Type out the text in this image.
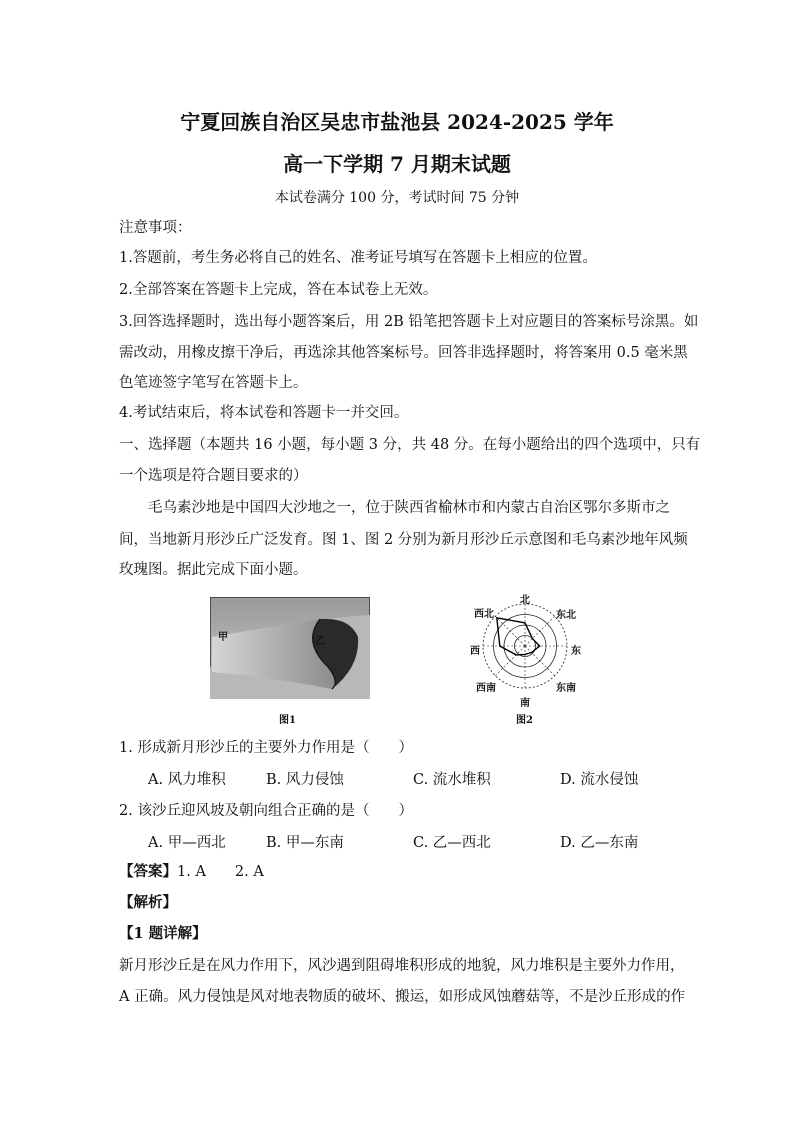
宁夏回族自治区吴忠市盐池县 2024-2025 学年
高一下学期 7 月期末试题
本试卷满分 100 分，考试时间 75 分钟
注意事项：
1.答题前，考生务必将自己的姓名、准考证号填写在答题卡上相应的位置。
2.全部答案在答题卡上完成，答在本试卷上无效。
3.回答选择题时，选出每小题答案后，用 2B 铅笔把答题卡上对应题目的答案标号涂黑。如
需改动，用橡皮擦干净后，再选涂其他答案标号。回答非选择题时，将答案用 0.5 毫米黑
色笔迹签字笔写在答题卡上。
4.考试结束后，将本试卷和答题卡一并交回。
一、选择题（本题共 16 小题，每小题 3 分，共 48 分。在每小题给出的四个选项中，只有
一个选项是符合题目要求的）
毛乌素沙地是中国四大沙地之一，位于陕西省榆林市和内蒙古自治区鄂尔多斯市之
间，当地新月形沙丘广泛发育。图 1、图 2 分别为新月形沙丘示意图和毛乌素沙地年风频
玫瑰图。据此完成下面小题。
甲	乙
图1
北
东北
东
东南
南
西南
西
西北
图2
1. 形成新月形沙丘的主要外力作用是（　　）
A. 风力堆积	B. 风力侵蚀	C. 流水堆积	D. 流水侵蚀
2. 该沙丘迎风坡及朝向组合正确的是（　　）
A. 甲—西北	B. 甲—东南	C. 乙—西北	D. 乙—东南
【答案】1. A　　2. A
【解析】
【1 题详解】
新月形沙丘是在风力作用下，风沙遇到阻碍堆积形成的地貌，风力堆积是主要外力作用，
A 正确。风力侵蚀是风对地表物质的破坏、搬运，如形成风蚀蘑菇等，不是沙丘形成的作
